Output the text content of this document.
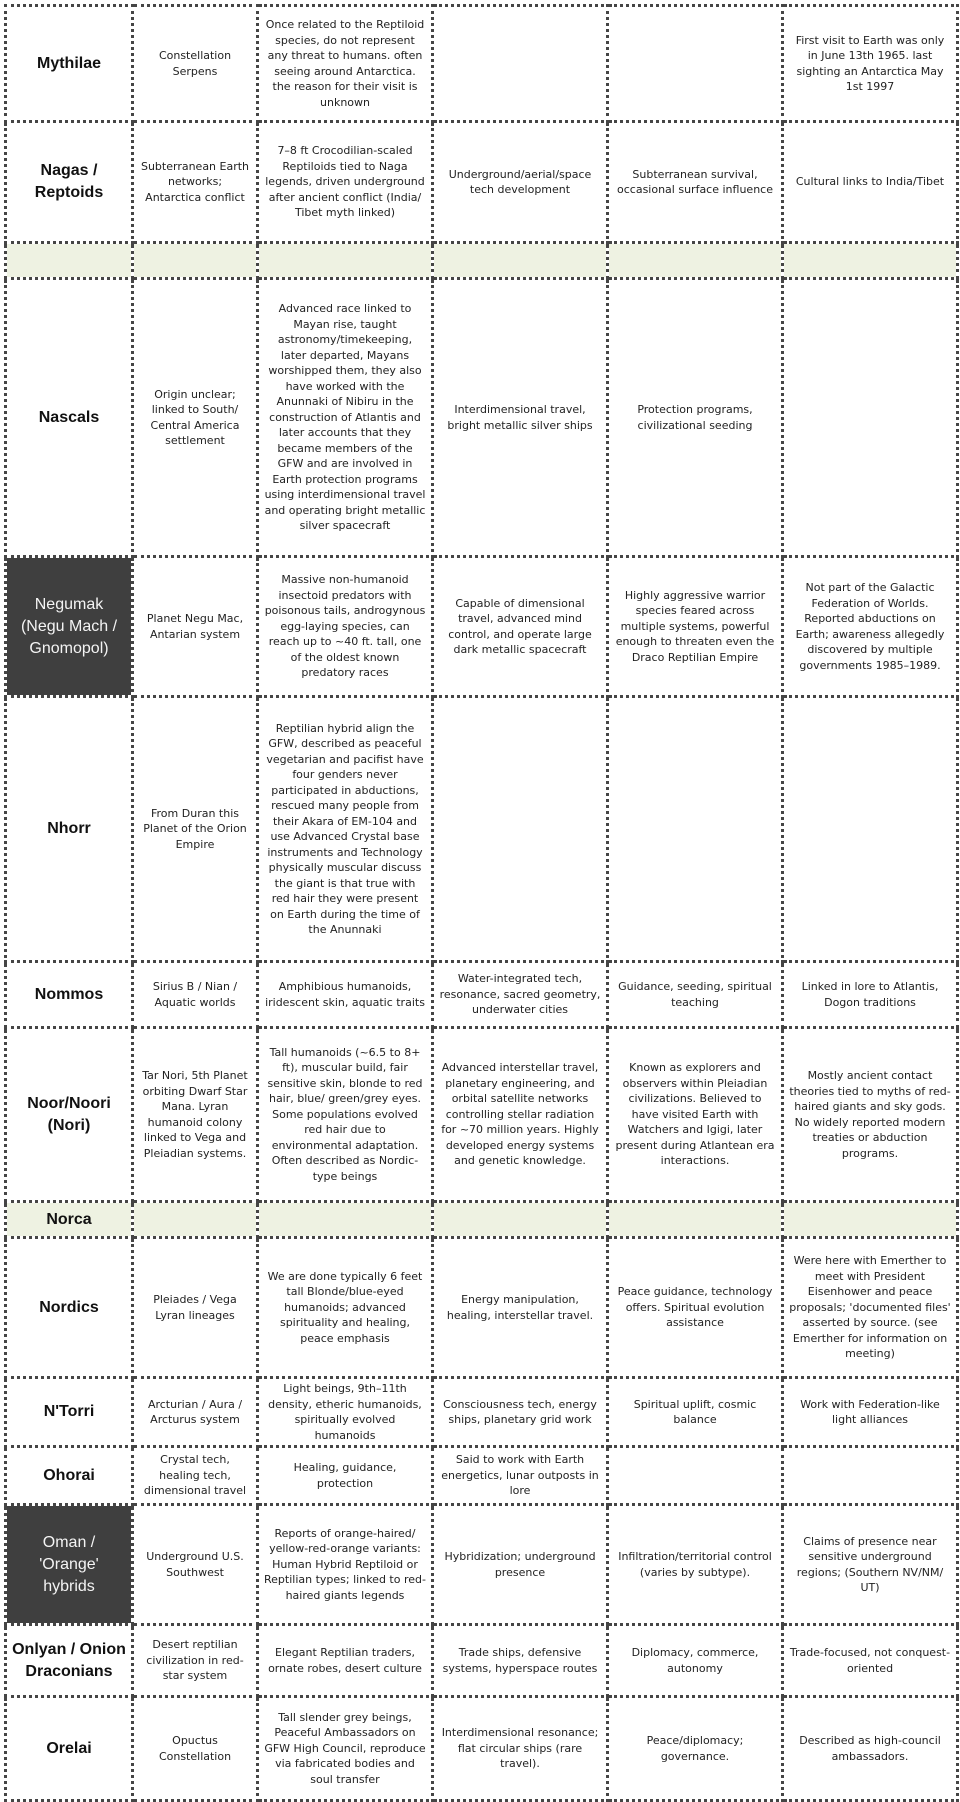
Mythilae	Constellation Serpens	Once related to the Reptiloid species, do not represent any threat to humans. often seeing around Antarctica. the reason for their visit is unknown			First visit to Earth was only in June 13th 1965. last sighting an Antarctica May 1st 1997
Nagas / Reptoids	Subterranean Earth networks; Antarctica conflict	7–8 ft Crocodilian-scaled Reptiloids tied to Naga legends, driven underground after ancient conflict (India/ Tibet myth linked)	Underground/aerial/space tech development	Subterranean survival, occasional surface influence	Cultural links to India/Tibet

Nascals	Origin unclear; linked to South/ Central America settlement	Advanced race linked to Mayan rise, taught astronomy/timekeeping, later departed, Mayans worshipped them, they also have worked with the Anunnaki of Nibiru in the construction of Atlantis and later accounts that they became members of the GFW and are involved in Earth protection programs using interdimensional travel and operating bright metallic silver spacecraft	Interdimensional travel, bright metallic silver ships	Protection programs, civilizational seeding	
Negumak (Negu Mach / Gnomopol)	Planet Negu Mac, Antarian system	Massive non-humanoid insectoid predators with poisonous tails, androgynous egg-laying species, can reach up to ~40 ft. tall, one of the oldest known predatory races	Capable of dimensional travel, advanced mind control, and operate large dark metallic spacecraft	Highly aggressive warrior species feared across multiple systems, powerful enough to threaten even the Draco Reptilian Empire	Not part of the Galactic Federation of Worlds. Reported abductions on Earth; awareness allegedly discovered by multiple governments 1985–1989.
Nhorr	From Duran this Planet of the Orion Empire	Reptilian hybrid align the GFW, described as peaceful vegetarian and pacifist have four genders never participated in abductions, rescued many people from their Akara of EM-104 and use Advanced Crystal base instruments and Technology physically muscular discuss the giant is that true with red hair they were present on Earth during the time of the Anunnaki			
Nommos	Sirius B / Nian / Aquatic worlds	Amphibious humanoids, iridescent skin, aquatic traits	Water-integrated tech, resonance, sacred geometry, underwater cities	Guidance, seeding, spiritual teaching	Linked in lore to Atlantis, Dogon traditions
Noor/Noori (Nori)	Tar Nori, 5th Planet orbiting Dwarf Star Mana. Lyran humanoid colony linked to Vega and Pleiadian systems.	Tall humanoids (~6.5 to 8+ ft), muscular build, fair sensitive skin, blonde to red hair, blue/ green/grey eyes. Some populations evolved red hair due to environmental adaptation. Often described as Nordic-type beings	Advanced interstellar travel, planetary engineering, and orbital satellite networks controlling stellar radiation for ~70 million years. Highly developed energy systems and genetic knowledge.	Known as explorers and observers within Pleiadian civilizations. Believed to have visited Earth with Watchers and Igigi, later present during Atlantean era interactions.	Mostly ancient contact theories tied to myths of red-haired giants and sky gods. No widely reported modern treaties or abduction programs.
Norca					
Nordics	Pleiades / Vega Lyran lineages	We are done typically 6 feet tall Blonde/blue-eyed humanoids; advanced spirituality and healing, peace emphasis	Energy manipulation, healing, interstellar travel.	Peace guidance, technology offers. Spiritual evolution assistance	Were here with Emerther to meet with President Eisenhower and peace proposals; 'documented files' asserted by source. (see Emerther for information on meeting)
N'Torri	Arcturian / Aura / Arcturus system	Light beings, 9th–11th density, etheric humanoids, spiritually evolved humanoids	Consciousness tech, energy ships, planetary grid work	Spiritual uplift, cosmic balance	Work with Federation-like light alliances
Ohorai	Crystal tech, healing tech, dimensional travel	Healing, guidance, protection	Said to work with Earth energetics, lunar outposts in lore		
Oman / 'Orange' hybrids	Underground U.S. Southwest	Reports of orange-haired/ yellow-red-orange variants: Human Hybrid Reptiloid or Reptilian types; linked to red-haired giants legends	Hybridization; underground presence	Infiltration/territorial control (varies by subtype).	Claims of presence near sensitive underground regions; (Southern NV/NM/ UT)
Onlyan / Onion Draconians	Desert reptilian civilization in red-star system	Elegant Reptilian traders, ornate robes, desert culture	Trade ships, defensive systems, hyperspace routes	Diplomacy, commerce, autonomy	Trade-focused, not conquest-oriented
Orelai	Opuctus Constellation	Tall slender grey beings, Peaceful Ambassadors on GFW High Council, reproduce via fabricated bodies and soul transfer	Interdimensional resonance; flat circular ships (rare travel).	Peace/diplomacy; governance.	Described as high-council ambassadors.
